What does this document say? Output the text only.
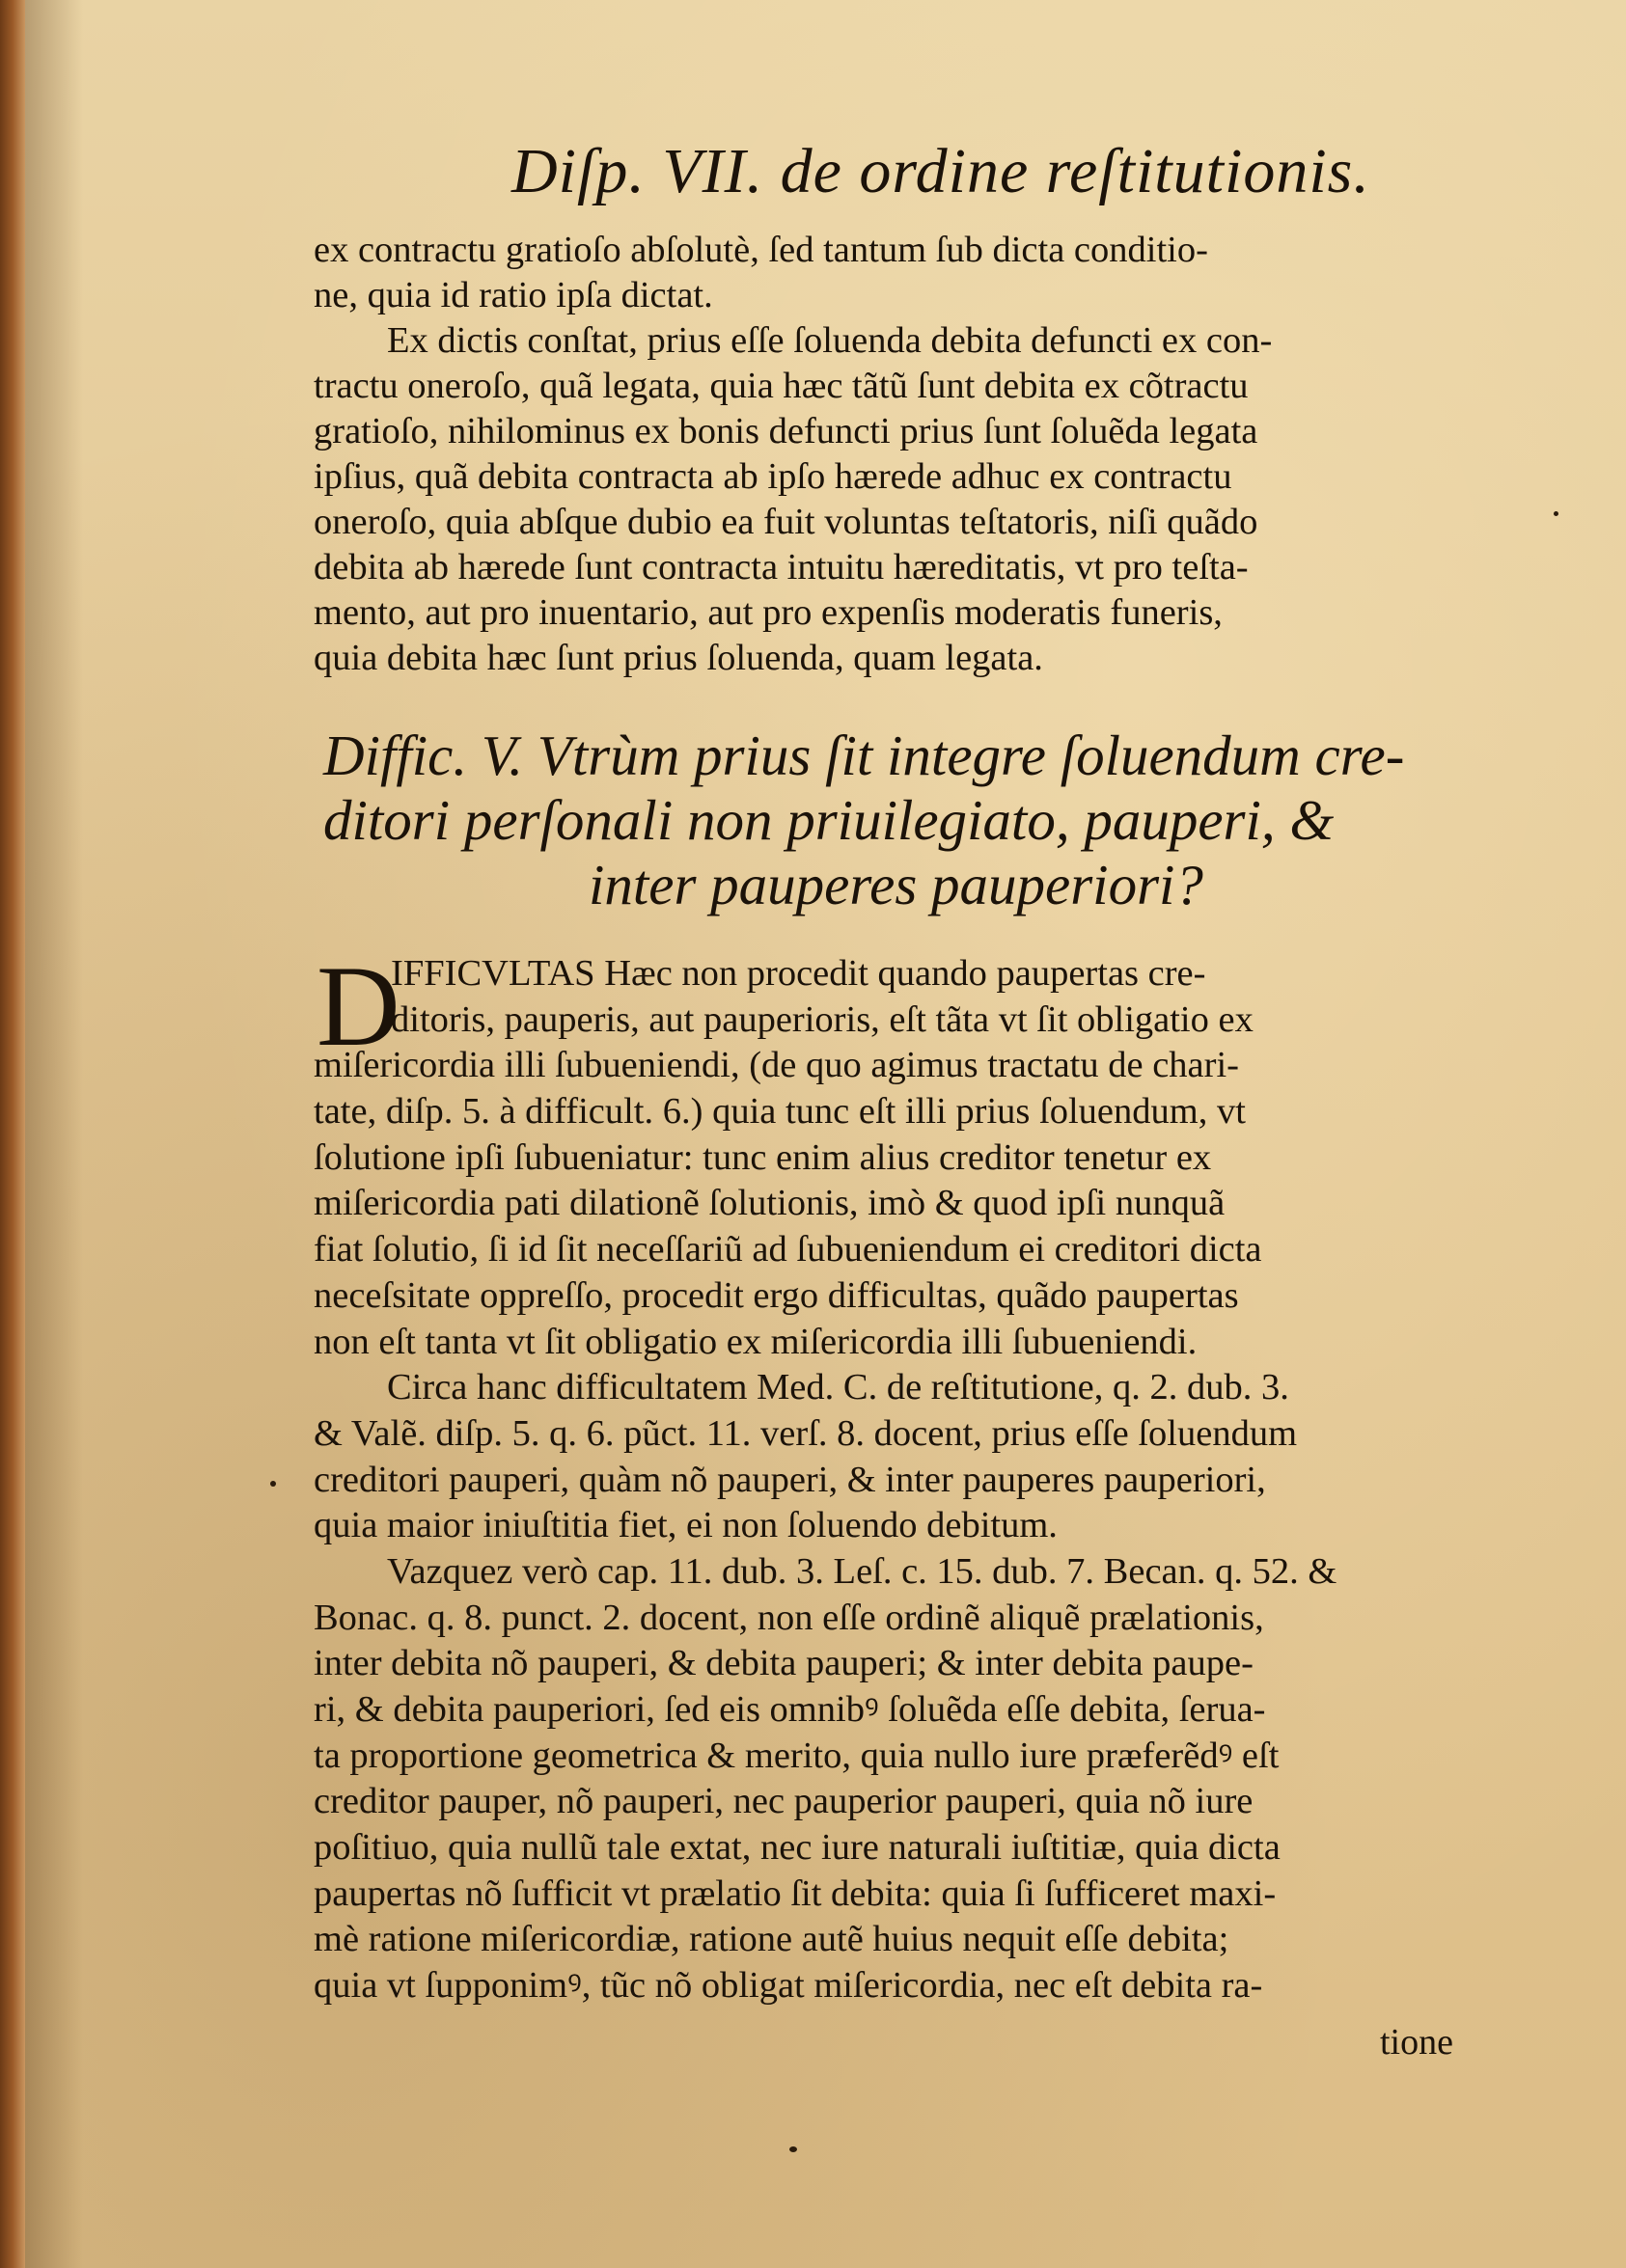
Diſp. VII. de ordine reſtitutionis.
ex contractu gratioſo abſolutè, ſed tantum ſub dicta conditio-
ne, quia id ratio ipſa dictat.
Ex dictis conſtat, prius eſſe ſoluenda debita defuncti ex con-
tractu oneroſo, quã legata, quia hæc tãtũ ſunt debita ex cõtractu
gratioſo, nihilominus ex bonis defuncti prius ſunt ſoluẽda legata
ipſius, quã debita contracta ab ipſo hærede adhuc ex contractu
oneroſo, quia abſque dubio ea fuit voluntas teſtatoris, niſi quãdo
debita ab hærede ſunt contracta intuitu hæreditatis, vt pro teſta-
mento, aut pro inuentario, aut pro expenſis moderatis funeris,
quia debita hæc ſunt prius ſoluenda, quam legata.
Diffic. V. Vtrùm prius ſit integre ſoluendum cre-
ditori perſonali non priuilegiato, pauperi, &
inter pauperes pauperiori?
D
IFFICVLTAS Hæc non procedit quando paupertas cre-
ditoris, pauperis, aut pauperioris, eſt tãta vt ſit obligatio ex
miſericordia illi ſubueniendi, (de quo agimus tractatu de chari-
tate, diſp. 5. à difficult. 6.) quia tunc eſt illi prius ſoluendum, vt
ſolutione ipſi ſubueniatur: tunc enim alius creditor tenetur ex
miſericordia pati dilationẽ ſolutionis, imò & quod ipſi nunquã
fiat ſolutio, ſi id ſit neceſſariũ ad ſubueniendum ei creditori dicta
neceſsitate oppreſſo, procedit ergo difficultas, quãdo paupertas
non eſt tanta vt ſit obligatio ex miſericordia illi ſubueniendi.
Circa hanc difficultatem Med. C. de reſtitutione, q. 2. dub. 3.
& Valẽ. diſp. 5. q. 6. pũct. 11. verſ. 8. docent, prius eſſe ſoluendum
creditori pauperi, quàm nõ pauperi, & inter pauperes pauperiori,
quia maior iniuſtitia fiet, ei non ſoluendo debitum.
Vazquez verò cap. 11. dub. 3. Leſ. c. 15. dub. 7. Becan. q. 52. &
Bonac. q. 8. punct. 2. docent, non eſſe ordinẽ aliquẽ prælationis,
inter debita nõ pauperi, & debita pauperi; & inter debita paupe-
ri, & debita pauperiori, ſed eis omnibꝰ ſoluẽda eſſe debita, ſerua-
ta proportione geometrica & merito, quia nullo iure præferẽdꝰ eſt
creditor pauper, nõ pauperi, nec pauperior pauperi, quia nõ iure
poſitiuo, quia nullũ tale extat, nec iure naturali iuſtitiæ, quia dicta
paupertas nõ ſufficit vt prælatio ſit debita: quia ſi ſufficeret maxi-
mè ratione miſericordiæ, ratione autẽ huius nequit eſſe debita;
quia vt ſupponimꝰ, tũc nõ obligat miſericordia, nec eſt debita ra-
tione
